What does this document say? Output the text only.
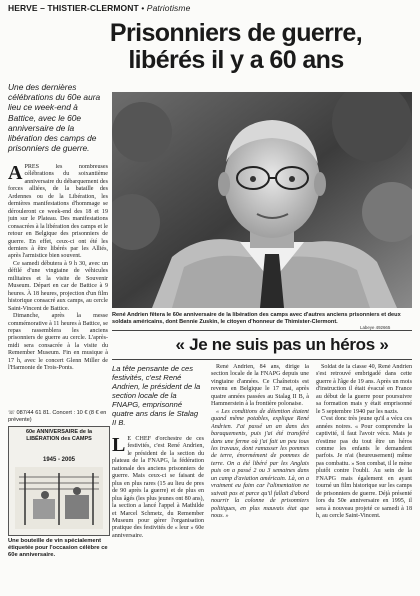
HERVE – THISTIER-CLERMONT • Patriotisme
Prisonniers de guerre,
libérés il y a 60 ans
Une des dernières célébrations du 60e aura lieu ce week-end à Battice, avec le 60e anniversaire de la libération des camps de prisonniers de guerre.
René Andrien fêtera le 60e anniversaire de la libération des camps avec d'autres anciens prisonniers et deux soldats américains, dont Bennie Zuskin, le citoyen d'honneur de Thimister-Clermont.
Labeye 492665

APRÈS les nombreuses célébrations du soixantième anniversaire du débarquement des forces alliées, de la bataille des Ardennes ou de la Libération, les dernières manifestations d'hommage se dérouleront ce week-end des 18 et 19 juin sur le Plateau. Des manifestations consacrées à la libération des camps et le retour en Belgique des prisonniers de guerre. En effet, ceux-ci ont été les derniers à être libérés par les Alliés, après l'armistice bien souvent.

Ce samedi débutera à 9 h 30, avec un défilé d'une vingtaine de véhicules militaires et la visite de Souvenir Museum. Départ en car de Battice à 9 heures. À 18 heures, projection d'un film historique consacré aux camps, au cercle Saint-Vincent de Battice.

Dimanche, après la messe commémorative à 11 heures à Battice, se repas rassemblera les anciens prisonniers de guerre au cercle. L'après-midi sera consacrée à la visite du Remember Museum. Fin en musique à 17 h, avec le concert Glenn Miller de l'Harmonie de Trois-Ponts.

☏ 087/44 61 81. Concert : 10 € (8 € en prévente)
60e ANNIVERSAIRE de la LIBÉRATION des CAMPS
1945 - 2005
Une bouteille de vin spécialement étiquetée pour l'occasion célèbre ce 60e anniversaire.
« Je ne suis pas un héros »
La tête pensante de ces festivités, c'est René Andrien, le président de la section locale de la FNAPG, emprisonné quatre ans dans le Stalag II B.

L E CHEF d'orchestre de ces festivités, c'est René Andrien, le président de la section du plateau de la FNAPG, la fédération nationale des anciens prisonniers de guerre. Mais ceux-ci se faisant de plus en plus rares (15 au lieu de pres de 90 après la guerre) et de plus en plus âgés (les plus jeunes ont 80 ans), la section a lancé l'appel à Mathilde et Marcel Schmetz, du Remember Museum pour gérer l'organisation pratique des festivités de « leur » 60e anniversaire.

René Andrien, 84 ans, dirige la section locale de la FNAPG depuis une vingtaine d'années. Ce Chaînetois est revenu en Belgique le 17 mai, après quatre années passées au Stalag II B, à Hammerstein à la frontière polonaise.

« Les conditions de détention étaient quand même potables, explique René Andrien. J'ai passé un an dans des baraquements, puis j'ai été transféré dans une ferme où j'ai fait un peu tous les travaux, dont ramasser les pommes de terre, énormément de pommes de terre. On a été libéré par les Anglais puis on a passé 2 ou 3 semaines dans un camp d'aviation américain. Là, on a vraiment eu faim car l'alimentation ne suivait pas et parce qu'il fallait d'abord nourrir la colonne de prisonniers politiques, en plus mauvais état que nous. »

Soldat de la classe 40, René Andrien s'est retrouvé embrigadé dans cette guerre à l'âge de 19 ans. Après un mois d'instruction il était évacué en France au début de la guerre pour poursuivre sa formation mais y était emprisonné le 5 septembre 1940 par les nazis.

C'est donc très jeune qu'il a vécu ces années noires. « Pour comprendre la captivité, il faut l'avoir vécu. Mais je n'estime pas du tout être un héros comme les enfants le demandent parfois. Je n'ai (heureusement) même pas combattu. » Son combat, il le mène plutôt contre l'oubli. Au sein de la FNAPG mais également en ayant tourné un film historique sur les camps de prisonniers de guerre. Déjà présenté lors du 50e anniversaire en 1995, il sera à nouveau projeté ce samedi à 18 h, au cercle Saint-Vincent.
